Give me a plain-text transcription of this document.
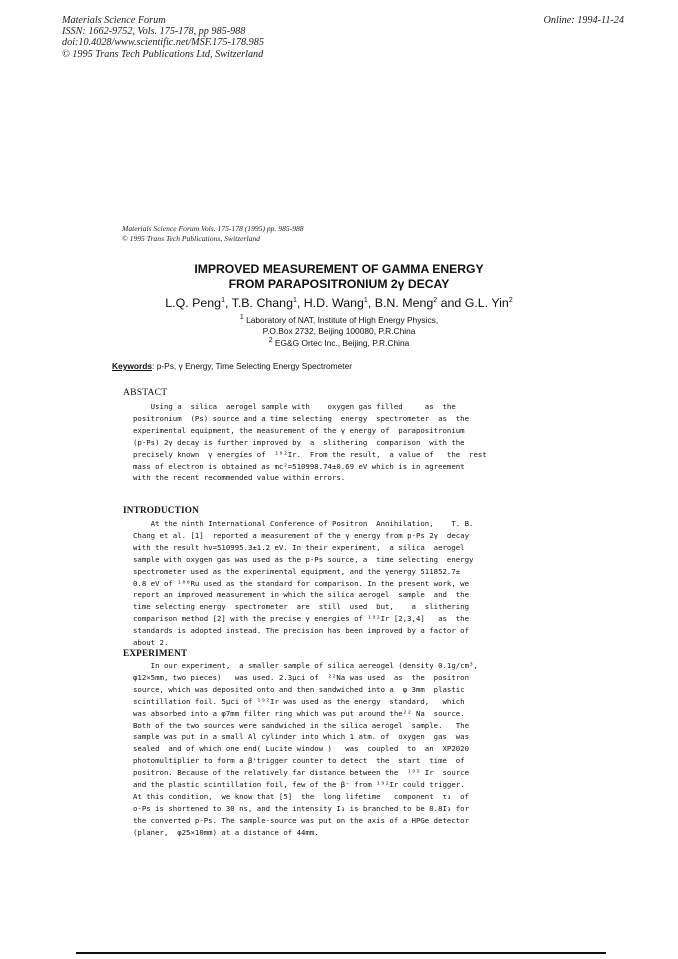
Materials Science Forum
ISSN: 1662-9752, Vols. 175-178, pp 985-988
doi:10.4028/www.scientific.net/MSF.175-178.985
© 1995 Trans Tech Publications Ltd, Switzerland
Online: 1994-11-24
Materials Science Forum Vols. 175-178 (1995) pp. 985-988
© 1995 Trans Tech Publications, Switzerland
IMPROVED MEASUREMENT OF GAMMA ENERGY
FROM PARAPOSITRONIUM 2γ DECAY
L.Q. Peng$^1$, T.B. Chang$^1$, H.D. Wang$^1$, B.N. Meng$^2$ and G.L. Yin$^2$
$^1$ Laboratory of NAT, Institute of High Energy Physics,
P.O.Box 2732, Beijing 100080, P.R.China
$^2$ EG&G Ortec Inc., Beijing, P.R.China
Keywords: p-Ps, γ Energy, Time Selecting Energy Spectrometer
ABSTACT
Using a  silica  aerogel sample with    oxygen gas filled     as  the
positronium  (Ps) source and a time selecting  energy  spectrometer  as  the
experimental equipment, the measurement of the γ energy of  parapositronium
(p-Ps) 2γ decay is further improved by  a  slithering  comparison  with the
precisely known  γ energies of  ¹⁹²Ir.  From the result,  a value of   the  rest
mass of electron is obtained as mc²=510998.74±0.69 eV which is in agreement
with the recent recommended value within errors.
INTRODUCTION
At the ninth International Conference of Positron  Annihilation,    T. B.
Chang et al. [1]  reported a measurement of the γ energy from p-Ps 2γ  decay
with the result hν=510995.3±1.2 eV. In their experiment,  a silica  aerogel
sample with oxygen gas was used as the p-Ps source, a  time selecting  energy
spectrometer used as the experimental equipment, and the γenergy 511852.7±
0.8 eV of ¹⁰⁶Ru used as the standard for comparison. In the present work, we
report an improved measurement in which the silica aerogel  sample  and  the
time selecting energy  spectrometer  are  still  used  but,    a  slithering
comparison method [2] with the precise γ energies of ¹⁹²Ir [2,3,4]   as  the
standards is adopted instead. The precision has been improved by a factor of
about 2.
EXPERIMENT
In our experiment,  a smaller sample of silica aereogel (density 0.1g/cm³,
φ12×5mm, two pieces)   was used. 2.3μci of  ²²Na was used  as  the  positron
source, which was deposited onto and then sandwiched into a  φ 3mm  plastic
scintillation foil. 5μci of ¹⁹²Ir was used as the energy  standard,   which
was absorbed into a φ7mm filter ring which was put around the²² Na  source.
Both of the two sources were sandwiched in the silica aerogel  sample.   The
sample was put in a small Al cylinder into which 1 atm. of  oxygen  gas  was
sealed  and of which one end( Lucite window )   was  coupled  to  an  XP2020
photomultiplier to form a β⁺trigger counter to detect  the  start  time  of
positron. Because of the relatively far distance between the  ¹⁹² Ir  source
and the plastic scintillation foil, few of the β⁻ from ¹⁹²Ir could trigger.
At this condition,  we know that [5]  the  long lifetime   component  τ₃  of
o-Ps is shortened to 30 ns, and the intensity I₃ is branched to be 0.8I₃ for
the converted p-Ps. The sample-source was put on the axis of a HPGe detector
(planer,  φ25×10mm) at a distance of 44mm.
